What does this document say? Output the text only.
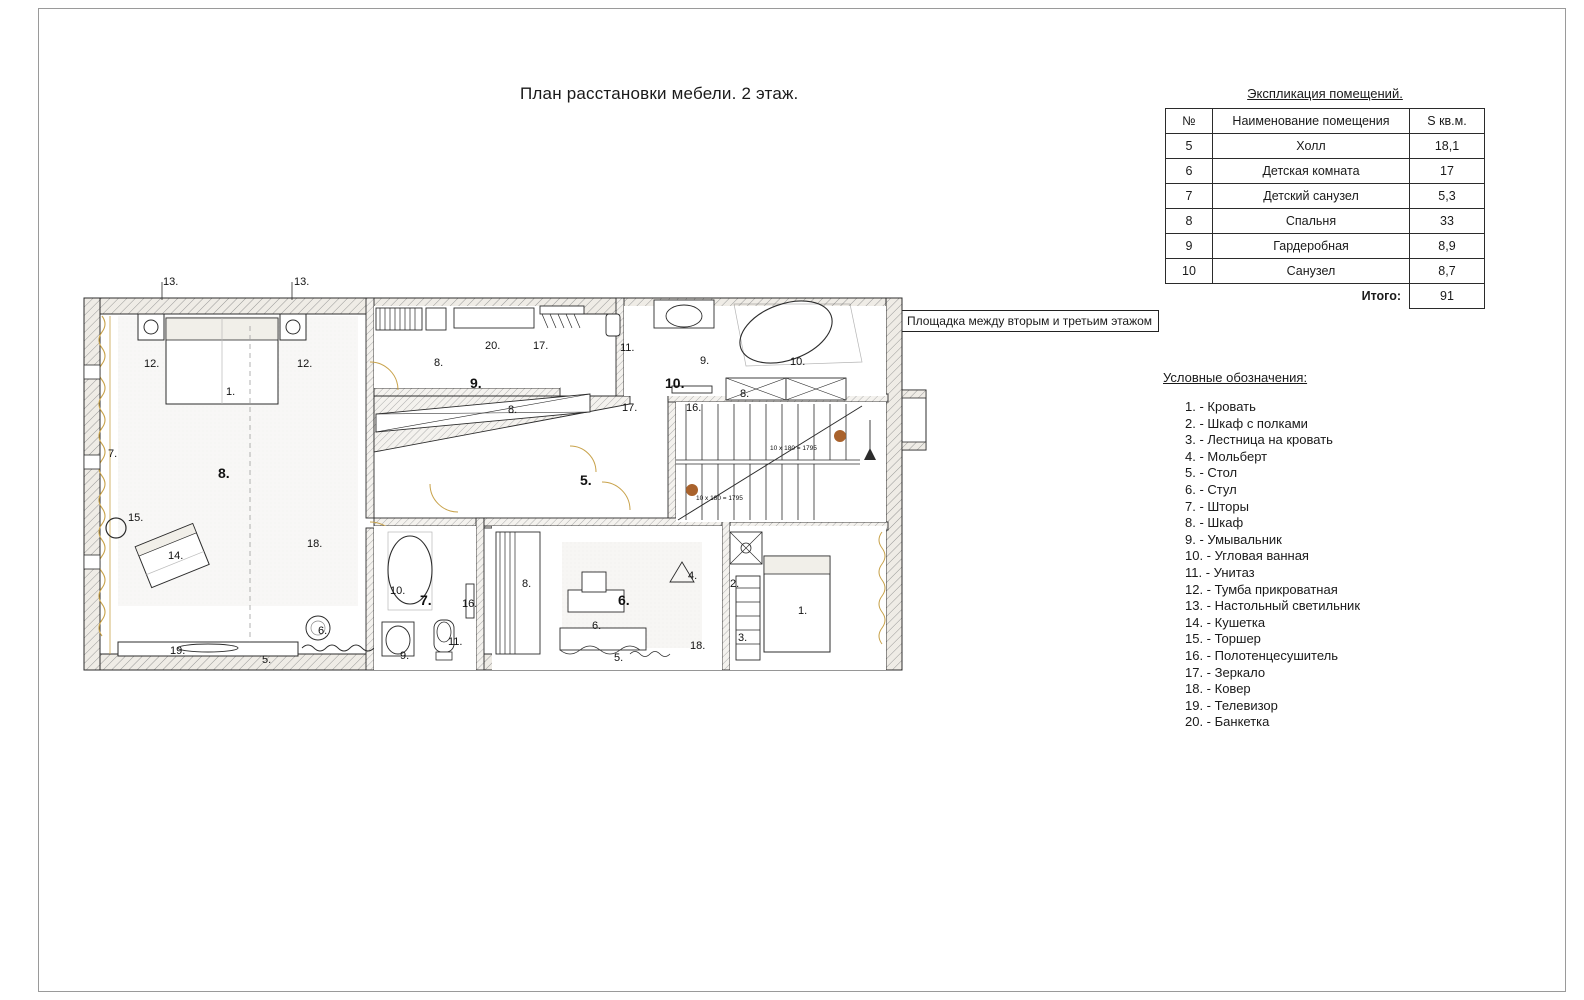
План расстановки мебели. 2 этаж.	Экспликация помещений.
№	Наименование помещения	S кв.м.
5	Холл	18,1
6	Детская комната	17
7	Детский санузел	5,3
8	Спальня	33
9	Гардеробная	8,9
10	Санузел	8,7
Итого:		91
Условные обозначения:
1. - Кровать
2. - Шкаф с полками
3. - Лестница на кровать
4. - Мольберт
5. - Стол
6. - Стул
7. - Шторы
8. - Шкаф
9. - Умывальник
10. - Угловая ванная
11. - Унитаз
12. - Тумба прикроватная
13. - Настольный светильник
14. - Кушетка
15. - Торшер
16. - Полотенцесушитель
17. - Зеркало
18. - Ковер
19. - Телевизор
20. - Банкетка
Площадка между вторым и третьим этажом
10 x 180 = 1795
10 x 180 = 1795
8.
9.	10.
5.
7.	6.
13.	13.
12.	12.
1.
8.
20.	17.	11.
9.	10.
8.	17.	16.
8.
15.
14.
18.
10.
16.
8.
4.
2.
1.
6.
9.
11.
6.
18.
3.
19.
5.	5.
7.
